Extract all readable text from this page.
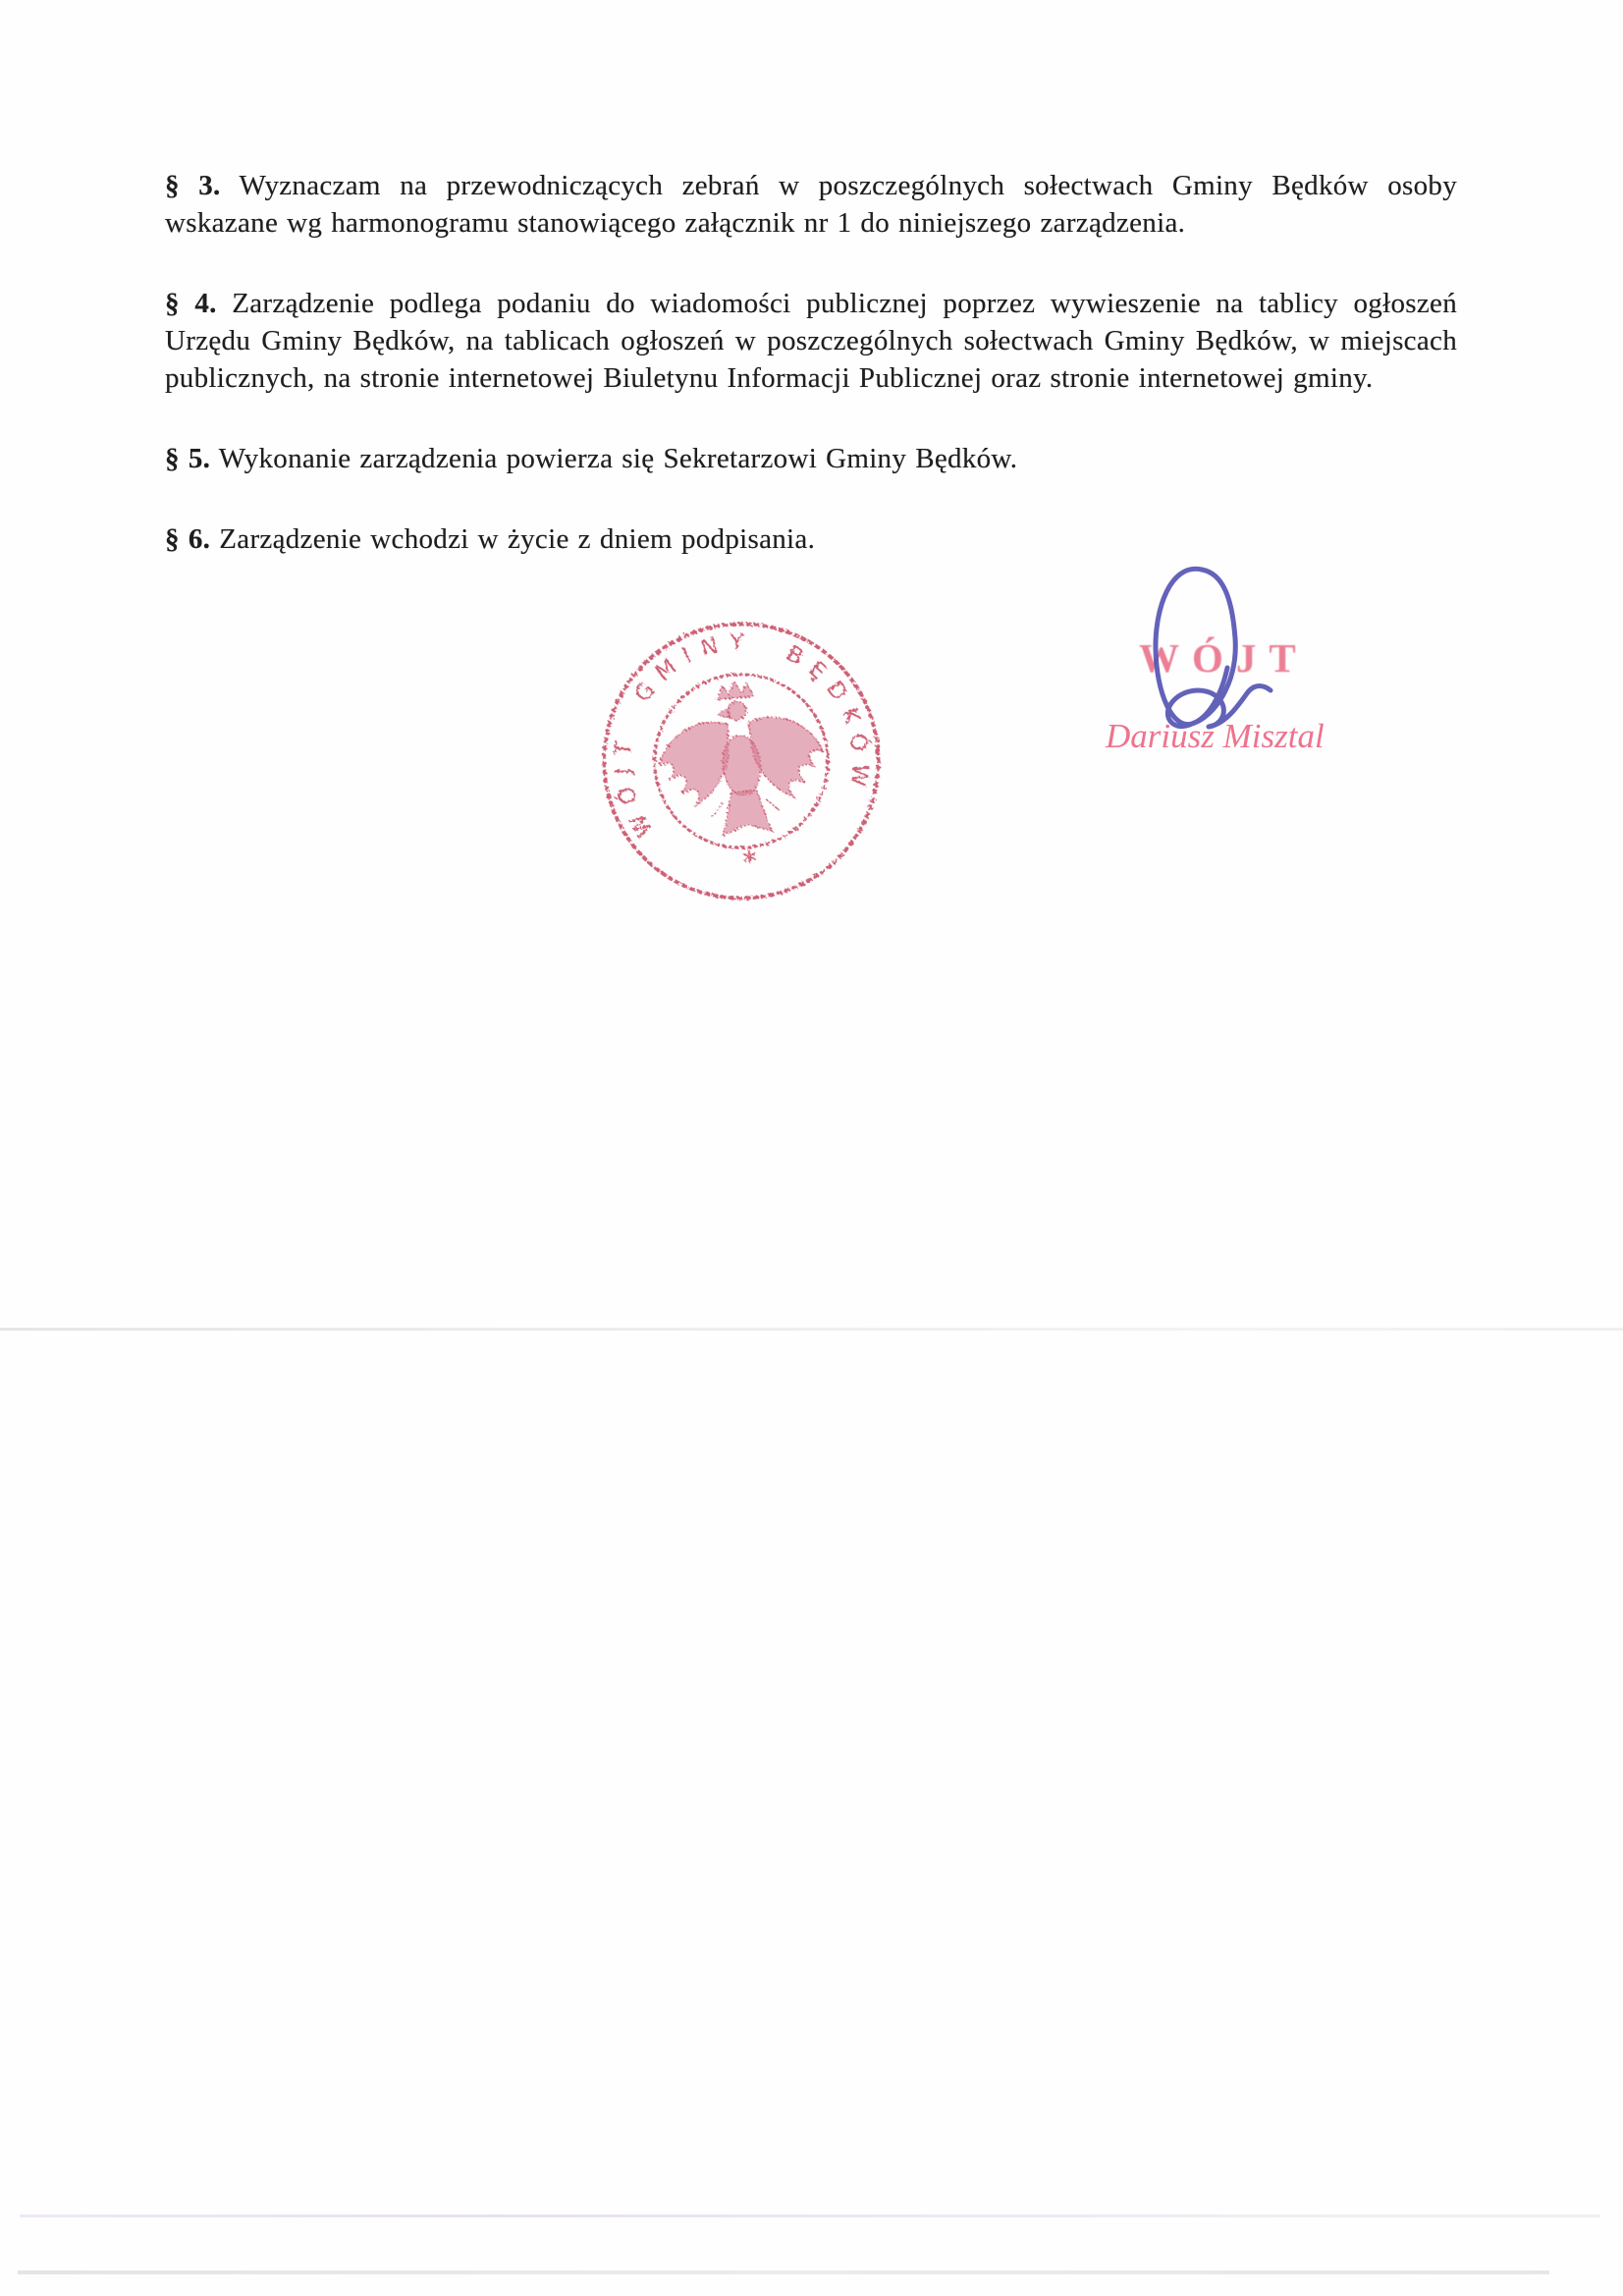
§ 3. Wyznaczam na przewodniczących zebrań w poszczególnych sołectwach Gminy Będków osoby wskazane wg harmonogramu stanowiącego załącznik nr 1 do niniejszego zarządzenia.

§ 4. Zarządzenie podlega podaniu do wiadomości publicznej poprzez wywieszenie na tablicy ogłoszeń Urzędu Gminy Będków, na tablicach ogłoszeń w poszczególnych sołectwach Gminy Będków, w miejscach publicznych, na stronie internetowej Biuletynu Informacji Publicznej oraz stronie internetowej gminy.

§ 5. Wykonanie zarządzenia powierza się Sekretarzowi Gminy Będków.

§ 6. Zarządzenie wchodzi w życie z dniem podpisania.

WÓJT GMINY BĘDKÓW
*
WÓJT
Dariusz Misztal
